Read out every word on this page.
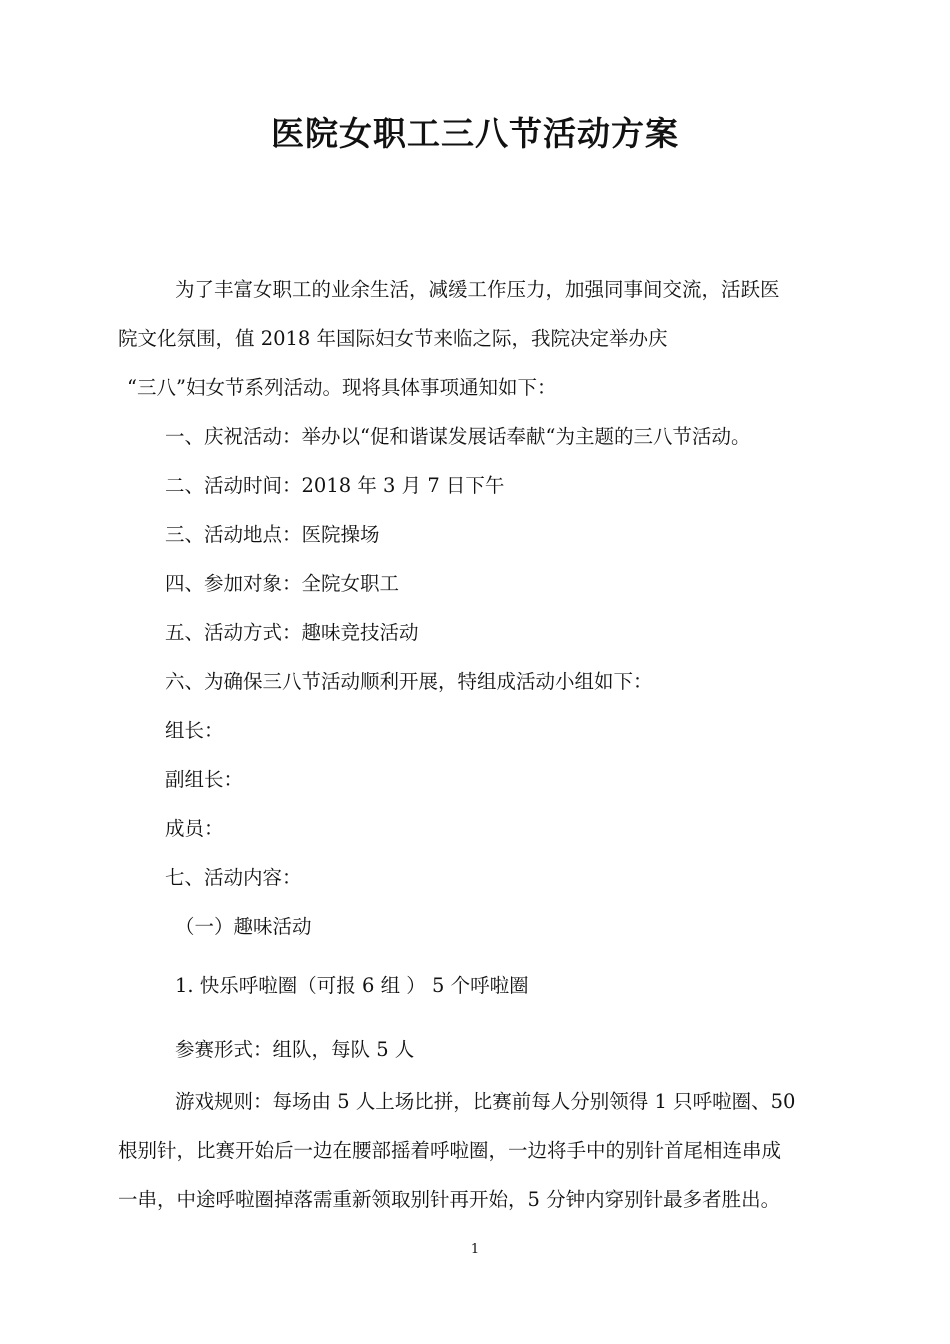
医院女职工三八节活动方案
为了丰富女职工的业余生活，减缓工作压力，加强同事间交流，活跃医
院文化氛围，值 2018 年国际妇女节来临之际，我院决定举办庆
“三八”妇女节系列活动。现将具体事项通知如下：
一、庆祝活动：举办以“促和谐谋发展话奉献“为主题的三八节活动。
二、活动时间：2018 年 3 月 7 日下午
三、活动地点：医院操场
四、参加对象：全院女职工
五、活动方式：趣味竞技活动
六、为确保三八节活动顺利开展，特组成活动小组如下：
组长：
副组长：
成员：
七、活动内容：
（一）趣味活动
1. 快乐呼啦圈（可报 6 组 ） 5 个呼啦圈
参赛形式：组队，每队 5 人
游戏规则：每场由 5 人上场比拼，比赛前每人分别领得 1 只呼啦圈、50
根别针，比赛开始后一边在腰部摇着呼啦圈，一边将手中的别针首尾相连串成
一串，中途呼啦圈掉落需重新领取别针再开始，5 分钟内穿别针最多者胜出。
1
